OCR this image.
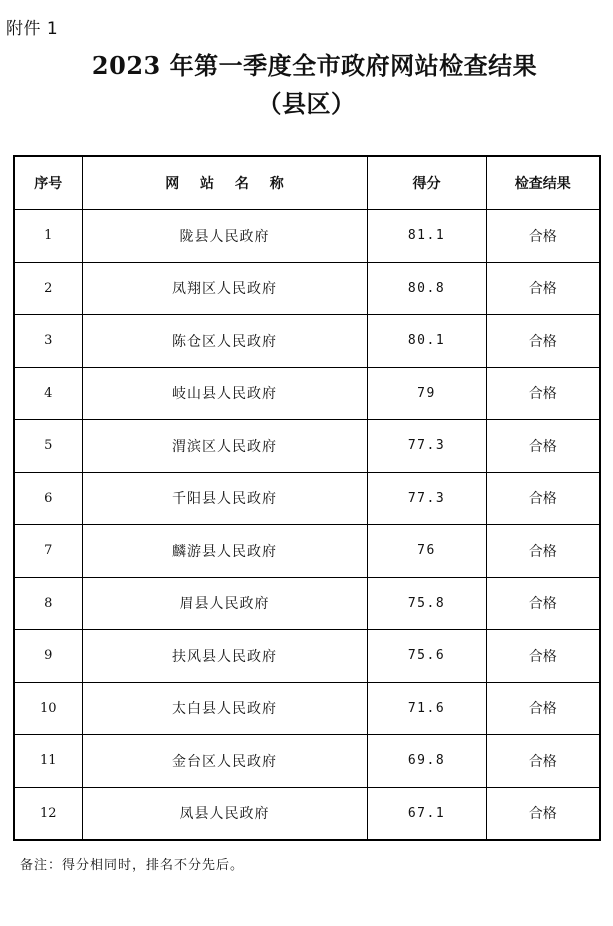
附件 1
2023 年第一季度全市政府网站检查结果
（县区）
序号	网 站 名 称	得分	检查结果
1	陇县人民政府	81.1	合格
2	凤翔区人民政府	80.8	合格
3	陈仓区人民政府	80.1	合格
4	岐山县人民政府	79	合格
5	渭滨区人民政府	77.3	合格
6	千阳县人民政府	77.3	合格
7	麟游县人民政府	76	合格
8	眉县人民政府	75.8	合格
9	扶风县人民政府	75.6	合格
10	太白县人民政府	71.6	合格
11	金台区人民政府	69.8	合格
12	凤县人民政府	67.1	合格
备注：得分相同时，排名不分先后。
